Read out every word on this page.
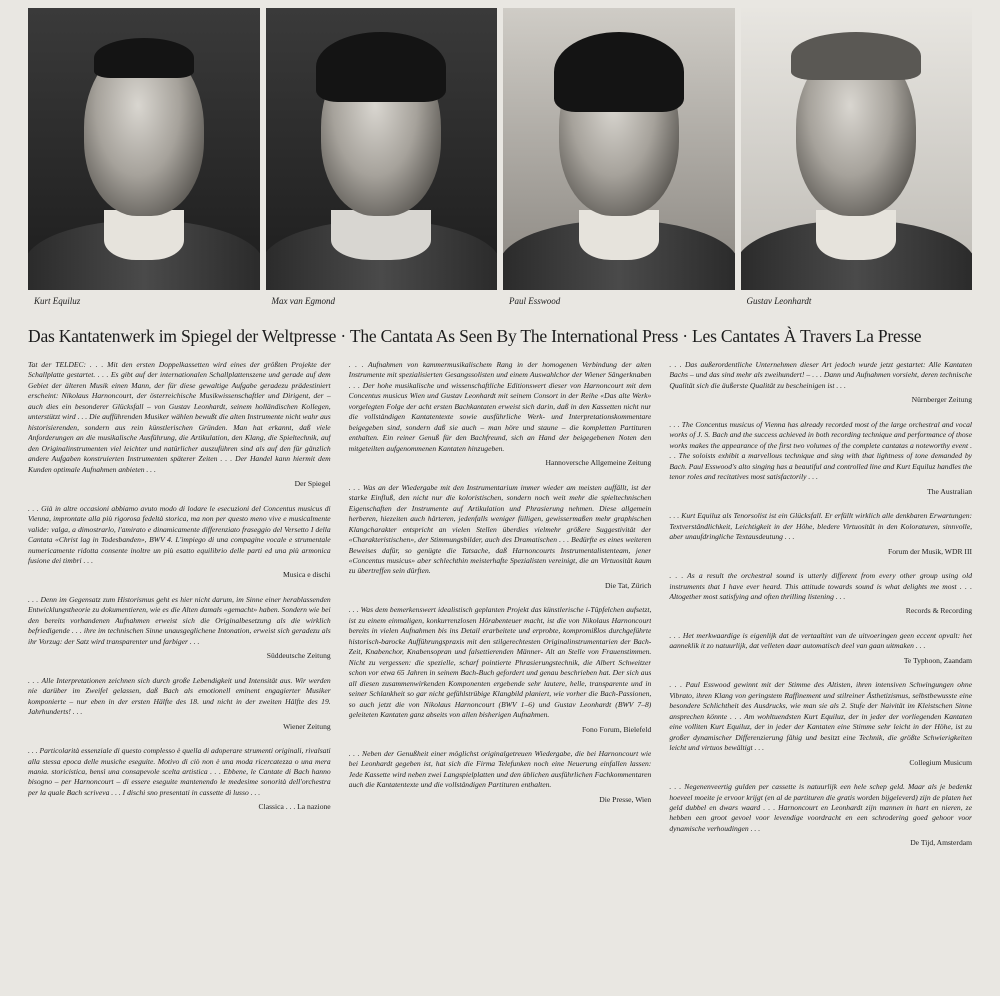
Kurt Equiluz	Max van Egmond	Paul Esswood	Gustav Leonhardt
Das Kantatenwerk im Spiegel der Weltpresse · The Cantata As Seen By The International Press · Les Cantates À Travers La Presse

Tat der TELDEC: . . . Mit den ersten Doppelkassetten wird eines der größten Projekte der Schallplatte gestartet. . . . Es gibt auf der internationalen Schallplattenszene und gerade auf dem Gebiet der älteren Musik einen Mann, der für diese gewaltige Aufgabe geradezu prädestiniert erscheint: Nikolaus Harnoncourt, der österreichische Musikwissenschaftler und Dirigent, der – auch dies ein besonderer Glücksfall – von Gustav Leonhardt, seinem holländischen Kollegen, unterstützt wird . . . Die aufführenden Musiker wählen bewußt die alten Instrumente nicht wahr aus historisierenden, sondern aus rein künstlerischen Gründen. Man hat erkannt, daß viele Anforderungen an die musikalische Ausführung, die Artikulation, den Klang, die Spieltechnik, auf den Originalinstrumenten viel leichter und natürlicher auszuführen sind als auf den für gänzlich andere Aufgaben konstruierten Instrumenten späterer Zeiten . . . Der Handel kann hiermit dem Kunden optimale Aufnahmen anbieten . . .

Der Spiegel

. . . Già in altre occasioni abbiamo avuto modo di lodare le esecuzioni del Concentus musicus di Vienna, improntate alla più rigorosa fedeltà storica, ma non per questo meno vive e musicalmente valide: valga, a dimostrarlo, l'amirato e dinamicamente differenziato fraseggio del Versetto I della Cantata «Christ lag in Todesbanden», BWV 4. L'impiego di una compagine vocale e strumentale numericamente ridotta consente inoltre un più esatto equilibrio delle parti ed una più armonica fusione dei timbri . . .

Musica e dischi

. . . Denn im Gegensatz zum Historismus geht es hier nicht darum, im Sinne einer herablassenden Entwicklungstheorie zu dokumentieren, wie es die Alten damals «gemacht» haben. Sondern wie bei den bereits vorhandenen Aufnahmen erweist sich die Originalbesetzung als die wirklich befriedigende . . . ihre im technischen Sinne unausgeglichene Intonation, erweist sich geradezu als ihr Vorzug: der Satz wird transparenter und farbiger . . .

Süddeutsche Zeitung

. . . Alle Interpretationen zeichnen sich durch große Lebendigkeit und Intensität aus. Wir werden nie darüber im Zweifel gelassen, daß Bach als emotionell eminent engagierter Musiker komponierte – nur eben in der ersten Hälfte des 18. und nicht in der zweiten Hälfte des 19. Jahrhunderts! . . .

Wiener Zeitung

. . . Particolarità essenziale di questo complesso è quella di adoperare strumenti originali, rivalsati alla stessa epoca delle musiche eseguite. Motivo di ciò non è una moda ricercatezza o una mera mania. storicistica, bensì una consapevole scelta artistica . . . Ebbene, le Cantate di Bach hanno bisogno – per Harnoncourt – di essere eseguite mantenendo le medesime sonorità dell'orchestra per la quale Bach scriveva . . . I dischi sno presentati in cassette di lusso . . .

Classica . . . La nazione

. . . Aufnahmen von kammermusikalischem Rang in der homogenen Verbindung der alten Instrumente mit spezialisierten Gesangssolisten und einem Auswahlchor der Wiener Sängerknaben . . . Der hohe musikalische und wissenschaftliche Editionswert dieser von Harnoncourt mit dem Concentus musicus Wien und Gustav Leonhardt mit seinem Consort in der Reihe «Das alte Werk» vorgelegten Folge der acht ersten Bachkantaten erweist sich darin, daß in den Kassetten nicht nur die vollständigen Kantatentexte sowie ausführliche Werk- und Interpretationskommentare beigegeben sind, sondern daß sie auch – man höre und staune – die kompletten Partituren enthalten. Ein reiner Genuß für den Bachfreund, sich an Hand der beigegebenen Noten den mitgeteilten aufgenommenen Kantaten hinzugeben.

Hannoversche Allgemeine Zeitung

. . . Was an der Wiedergabe mit den Instrumentarium immer wieder am meisten auffällt, ist der starke Einfluß, den nicht nur die koloristischen, sondern noch weit mehr die spieltechnischen Eigenschaften der Instrumente auf Artikulation und Phrasierung nehmen. Diese allgemein herberen, hiezeiten auch härteren, jedenfalls weniger fülligen, gewissermaßen mehr graphischen Klangcharakter entspricht an vielen Stellen überdies vielmehr größere Suggestivität der «Charakteristischen», der Stimmungsbilder, auch des Dramatischen . . . Bedürfte es eines weiteren Beweises dafür, so genügte die Tatsache, daß Harnoncourts Instrumentalistenteam, jener «Concentus musicus» aber schlechthin meisterhafte Spezialisten vereinigt, die an Virtuosität kaum zu übertreffen sein dürften.

Die Tat, Zürich

. . . Was dem bemerkenswert idealistisch geplanten Projekt das künstlerische i-Tüpfelchen aufsetzt, ist zu einem einmaligen, konkurrenzlosen Hörabenteuer macht, ist die von Nikolaus Harnoncourt bereits in vielen Aufnahmen bis ins Detail erarbeitete und erprobte, kompromißlos durchgeführte historisch-barocke Aufführungspraxis mit den stilgerechtesten Originalinstrumentarien der Bach-Zeit, Knabenchor, Knabensopran und falsettierenden Männer- Alt an Stelle von Frauenstimmen. Nicht zu vergessen: die spezielle, scharf pointierte Phrasierungstechnik, die Albert Schweitzer schon vor etwa 65 Jahren in seinem Bach-Buch gefordert und genau beschrieben hat. Der sich aus all diesen zusammenwirkenden Komponenten ergebende sehr lautere, helle, transparente und in seiner Schlankheit so gar nicht gefühlstrübige Klangbild planiert, wie vorher die Bach-Passionen, so auch jetzt die von Nikolaus Harnoncourt (BWV 1–6) und Gustav Leonhardt (BWV 7–8) geleiteten Kantaten ganz abseits von allen bisherigen Aufnahmen.

Fono Forum, Bielefeld

. . . Neben der Genußheit einer möglichst originalgetreuen Wiedergabe, die bei Harnoncourt wie bei Leonhardt gegeben ist, hat sich die Firma Telefunken noch eine Neuerung einfallen lassen: Jede Kassette wird neben zwei Langspielplatten und den üblichen ausführlichen Fachkommentaren auch die Kantatentexte und die vollständigen Partituren enthalten.

Die Presse, Wien

. . . Das außerordentliche Unternehmen dieser Art jedoch wurde jetzt gestartet: Alle Kantaten Bachs – und das sind mehr als zweihundert! – . . . Dann und Aufnahmen vorsieht, deren technische Qualität sich die äußerste Qualität zu bescheinigen ist . . .

Nürnberger Zeitung

. . . The Concentus musicus of Vienna has already recorded most of the large orchestral and vocal works of J. S. Bach and the success achieved in both recording technique and performance of those works makes the appearance of the first two volumes of the complete cantatas a noteworthy event . . . The soloists exhibit a marvellous technique and sing with that lightness of tone demanded by Bach. Paul Esswood's alto singing has a beautiful and controlled line and Kurt Equiluz handles the tenor roles and recitatives most satisfactorily . . .

The Australian

. . . Kurt Equiluz als Tenorsolist ist ein Glücksfall. Er erfüllt wirklich alle denkbaren Erwartungen: Textverständlichkeit, Leichtigkeit in der Höhe, bledere Virtuosität in den Koloraturen, sinnvolle, aber unaufdringliche Textausdeutung . . .

Forum der Musik, WDR III

. . . As a result the orchestral sound is utterly different from every other group using old instruments that I have ever heard. This attitude towards sound is what delights me most . . . Altogether most satisfying and often thrilling listening . . .

Records & Recording

. . . Het merkwaardige is eigenlijk dat de vertaaltint van de uitvoeringen geen eccent opvalt: het aanneklik it zo natuurlijk, dat velleten daar automatisch deel van gaan uitmaken . . .

Te Typhoon, Zaandam

. . . Paul Esswood gewinnt mit der Stimme des Altisten, ihren intensiven Schwingungen ohne Vibrato, ihren Klang von geringstem Raffinement und stilreiner Ästhetizismus, selbstbewusste eine besondere Schlichtheit des Ausdrucks, wie man sie als 2. Stufe der Naivität im Kleistschen Sinne ansprechen könnte . . . Am wohltuendsten Kurt Equiluz, der in jeder der vorliegenden Kantaten eine volliten Kurt Equiluz, der in jeder der Kantaten eine Stimme sehr leicht in der Höhe, ist zu großer dynamischer Differenzierung fähig und besitzt eine Technik, die größte Schwierigkeiten leicht und virtuos bewältigt . . .

Collegium Musicum

. . . Negenenveertig gulden per cassette is natuurlijk een hele schep geld. Maar als je bedenkt hoeveel moeite je ervoor krijgt (en al de partituren die gratis worden bijgeleverd) zijn de platen het geld dubbel en dwars waard . . . Harnoncourt en Leonhardt zijn mannen in hart en nieren, ze hebben een groot gevoel voor levendige voordracht en een schrodering goed gehoor voor dynamische verhoudingen . . .

De Tijd, Amsterdam
